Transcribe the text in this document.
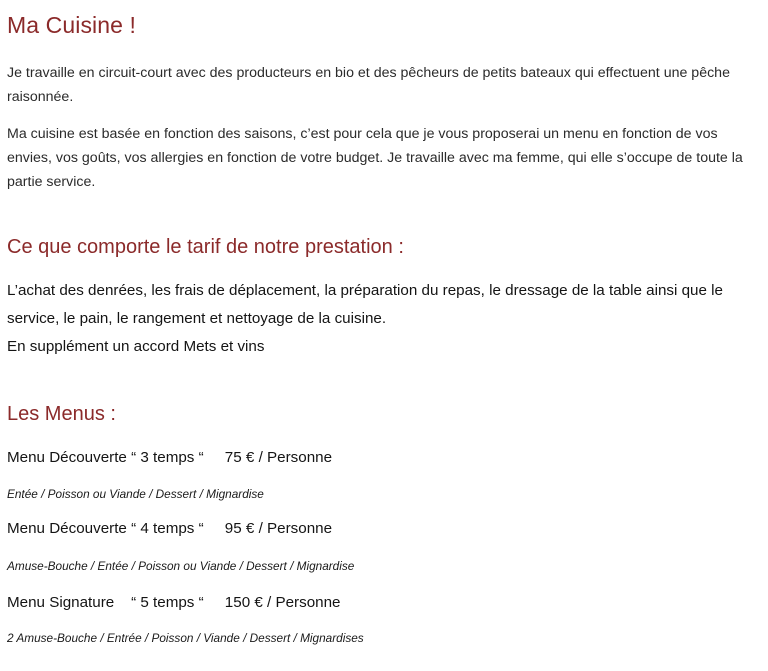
Ma Cuisine !
Je travaille en circuit-court avec des producteurs en bio et des pêcheurs de petits bateaux qui effectuent une pêche raisonnée.
Ma cuisine est basée en fonction des saisons, c’est pour cela que je vous proposerai un menu en fonction de vos envies, vos goûts, vos allergies en fonction de votre budget. Je travaille avec ma femme, qui elle s’occupe de toute la partie service.
Ce que comporte le tarif de notre prestation :
L’achat des denrées, les frais de déplacement, la préparation du repas, le dressage de la table ainsi que le service, le pain, le rangement et nettoyage de la cuisine.
En supplément un accord Mets et vins
Les Menus :
Menu Découverte “ 3 temps “ 75 € / Personne
Entée / Poisson ou Viande / Dessert / Mignardise
Menu Découverte “ 4 temps “ 95 € / Personne
Amuse-Bouche / Entée / Poisson ou Viande / Dessert / Mignardise
Menu Signature    “ 5 temps “ 150 € / Personne
2 Amuse-Bouche / Entrée / Poisson / Viande / Dessert / Mignardises
